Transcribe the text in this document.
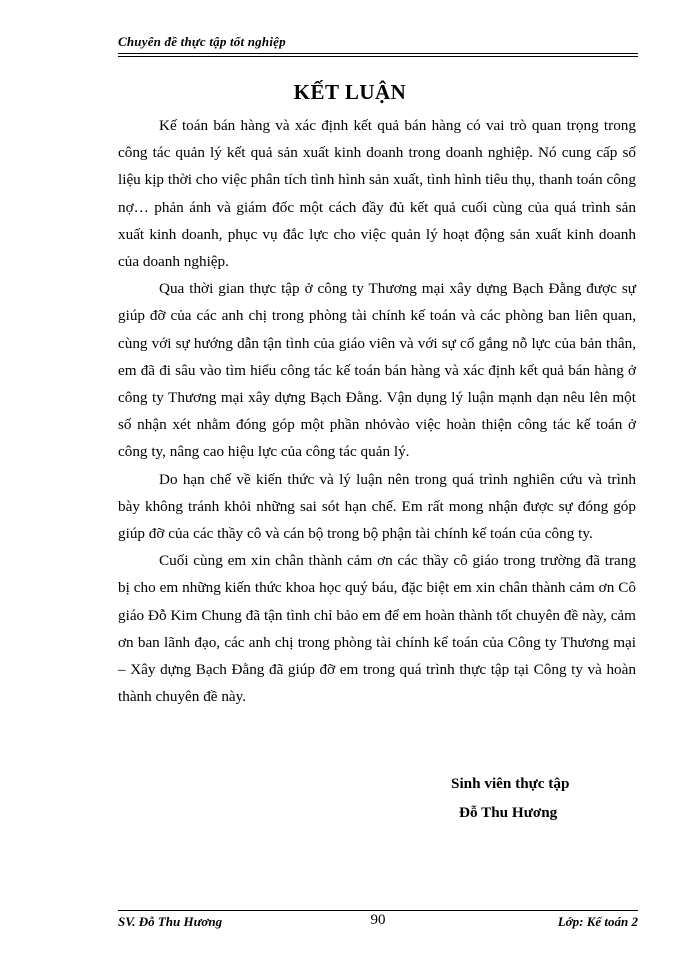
Chuyên đề thực tập tốt nghiệp
KẾT LUẬN

Kế toán bán hàng và xác định kết quả bán hàng có vai trò quan trọng trong công tác quản lý kết quả sản xuất kinh doanh trong doanh nghiệp. Nó cung cấp số liệu kịp thời cho việc phân tích tình hình sản xuất, tình hình tiêu thụ, thanh toán công nợ… phản ánh và giám đốc một cách đầy đủ kết quả cuối cùng của quá trình sản xuất kinh doanh, phục vụ đắc lực cho việc quản lý hoạt động sản xuất kinh doanh của doanh nghiệp.

Qua thời gian thực tập ở công ty Thương mại xây dựng Bạch Đằng được sự giúp đỡ của các anh chị trong phòng tài chính kế toán và các phòng ban liên quan, cùng với sự hướng dẫn tận tình của giáo viên và với sự cố gắng nỗ lực của bản thân, em đã đi sâu vào tìm hiểu công tác kế toán bán hàng và xác định kết quả bán hàng ở công ty Thương mại xây dựng Bạch Đằng. Vận dụng lý luận mạnh dạn nêu lên một số nhận xét nhằm đóng góp một phần nhỏvào việc hoàn thiện công tác kế toán ở công ty, nâng cao hiệu lực của công tác quản lý.

Do hạn chế về kiến thức và lý luận nên trong quá trình nghiên cứu và trình bày không tránh khỏi những sai sót hạn chế. Em rất mong nhận được sự đóng góp giúp đỡ của các thầy cô và cán bộ trong bộ phận tài chính kế toán của công ty.

Cuối cùng em xin chân thành cảm ơn các thầy cô giáo trong trường đã trang bị cho em những kiến thức khoa học quý báu, đặc biệt em xin chân thành cảm ơn Cô giáo Đỗ Kim Chung đã tận tình chỉ bảo em để em hoàn thành tốt chuyên đề này, cảm ơn ban lãnh đạo, các anh chị trong phòng tài chính kế toán của Công ty Thương mại – Xây dựng Bạch Đằng đã giúp đỡ em trong quá trình thực tập tại Công ty và hoàn thành chuyên đề này.

Sinh viên thực tập
Đỗ Thu Hương
SV. Đỗ Thu Hương	90	Lớp: Kế toán 2
